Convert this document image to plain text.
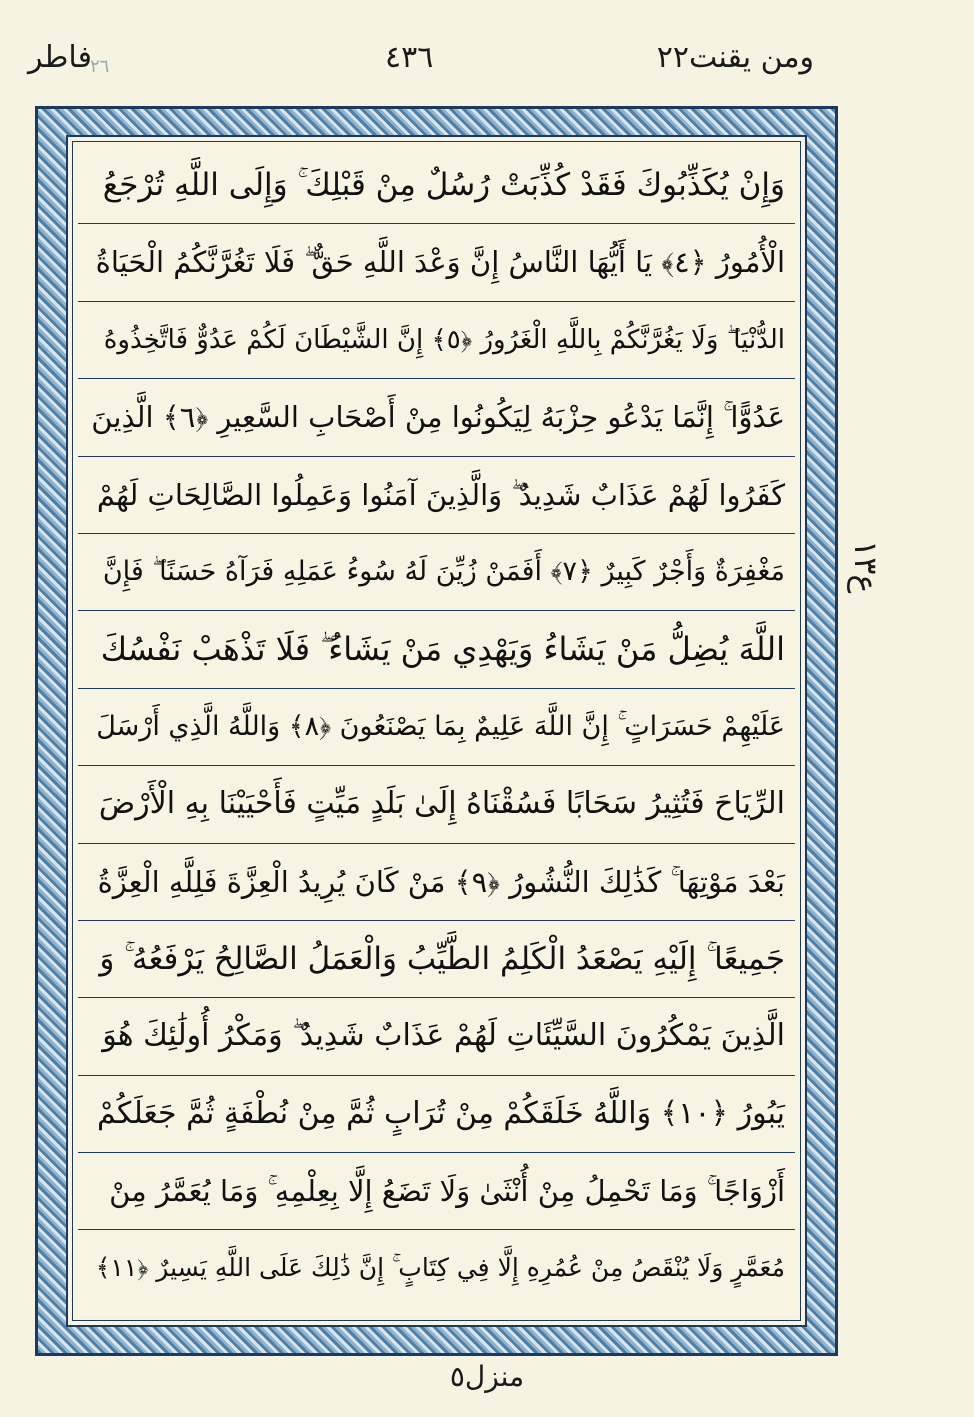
فاطر
٢٦	٤٣٦	ومن يقنت٢٢
وَإِنْ يُكَذِّبُوكَ فَقَدْ كُذِّبَتْ رُسُلٌ مِنْ قَبْلِكَ ۚ وَإِلَى اللَّهِ تُرْجَعُ
الْأُمُورُ ﴿٤﴾ يَا أَيُّهَا النَّاسُ إِنَّ وَعْدَ اللَّهِ حَقٌّ ۖ فَلَا تَغُرَّنَّكُمُ الْحَيَاةُ
الدُّنْيَا ۖ وَلَا يَغُرَّنَّكُمْ بِاللَّهِ الْغَرُورُ ﴿٥﴾ إِنَّ الشَّيْطَانَ لَكُمْ عَدُوٌّ فَاتَّخِذُوهُ
عَدُوًّا ۚ إِنَّمَا يَدْعُو حِزْبَهُ لِيَكُونُوا مِنْ أَصْحَابِ السَّعِيرِ ﴿٦﴾ الَّذِينَ
كَفَرُوا لَهُمْ عَذَابٌ شَدِيدٌ ۖ وَالَّذِينَ آمَنُوا وَعَمِلُوا الصَّالِحَاتِ لَهُمْ
مَغْفِرَةٌ وَأَجْرٌ كَبِيرٌ ﴿٧﴾ أَفَمَنْ زُيِّنَ لَهُ سُوءُ عَمَلِهِ فَرَآهُ حَسَنًا ۖ فَإِنَّ
اللَّهَ يُضِلُّ مَنْ يَشَاءُ وَيَهْدِي مَنْ يَشَاءُ ۖ فَلَا تَذْهَبْ نَفْسُكَ
عَلَيْهِمْ حَسَرَاتٍ ۚ إِنَّ اللَّهَ عَلِيمٌ بِمَا يَصْنَعُونَ ﴿٨﴾ وَاللَّهُ الَّذِي أَرْسَلَ
الرِّيَاحَ فَتُثِيرُ سَحَابًا فَسُقْنَاهُ إِلَىٰ بَلَدٍ مَيِّتٍ فَأَحْيَيْنَا بِهِ الْأَرْضَ
بَعْدَ مَوْتِهَا ۚ كَذَٰلِكَ النُّشُورُ ﴿٩﴾ مَنْ كَانَ يُرِيدُ الْعِزَّةَ فَلِلَّهِ الْعِزَّةُ
جَمِيعًا ۚ إِلَيْهِ يَصْعَدُ الْكَلِمُ الطَّيِّبُ وَالْعَمَلُ الصَّالِحُ يَرْفَعُهُ ۚ وَ
الَّذِينَ يَمْكُرُونَ السَّيِّئَاتِ لَهُمْ عَذَابٌ شَدِيدٌ ۖ وَمَكْرُ أُولَٰئِكَ هُوَ
يَبُورُ ﴿١٠﴾ وَاللَّهُ خَلَقَكُمْ مِنْ تُرَابٍ ثُمَّ مِنْ نُطْفَةٍ ثُمَّ جَعَلَكُمْ
أَزْوَاجًا ۚ وَمَا تَحْمِلُ مِنْ أُنْثَىٰ وَلَا تَضَعُ إِلَّا بِعِلْمِهِ ۚ وَمَا يُعَمَّرُ مِنْ
مُعَمَّرٍ وَلَا يُنْقَصُ مِنْ عُمُرِهِ إِلَّا فِي كِتَابٍ ۚ إِنَّ ذَٰلِكَ عَلَى اللَّهِ يَسِيرٌ ﴿١١﴾
ع١٣
منزل٥
